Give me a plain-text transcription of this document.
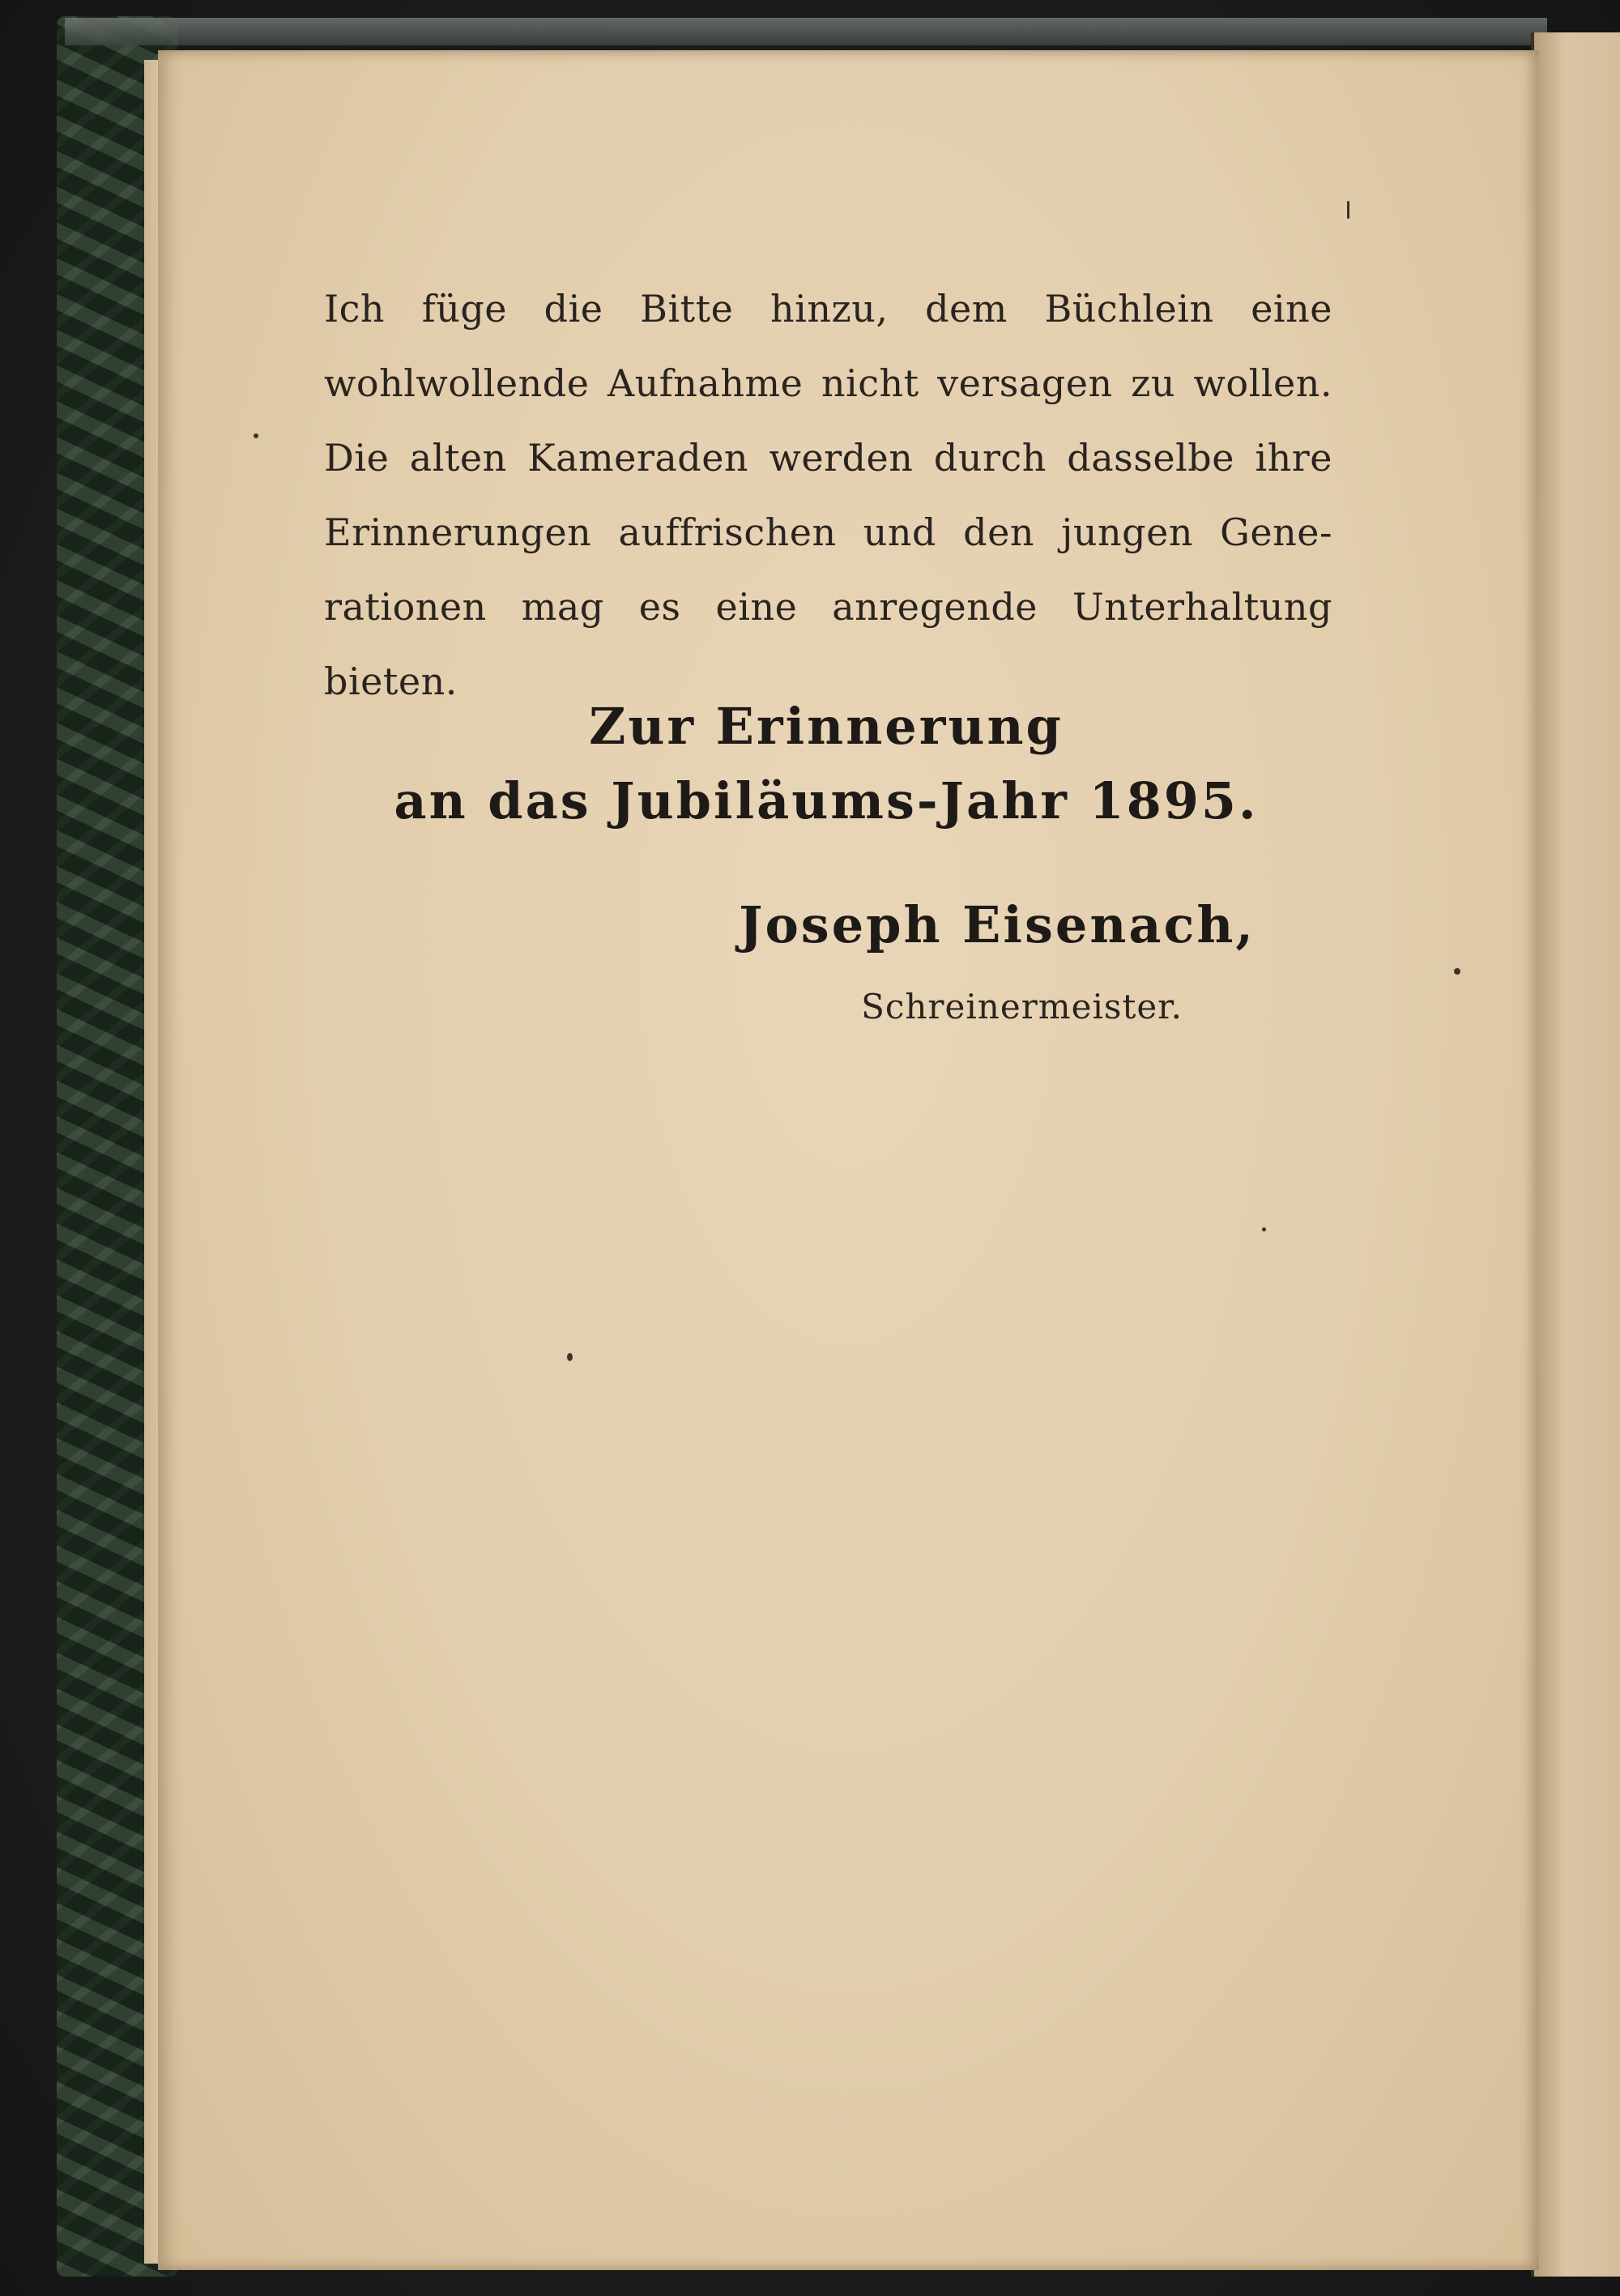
Ich füge die Bitte hinzu, dem Büchlein eine
wohlwollende Aufnahme nicht versagen zu wollen.
Die alten Kameraden werden durch dasselbe ihre
Erinnerungen auffrischen und den jungen Gene-
rationen mag es eine anregende Unterhaltung
bieten.
Zur Erinnerung
an das Jubiläums-Jahr 1895.
Joseph Eisenach,
Schreinermeister.
